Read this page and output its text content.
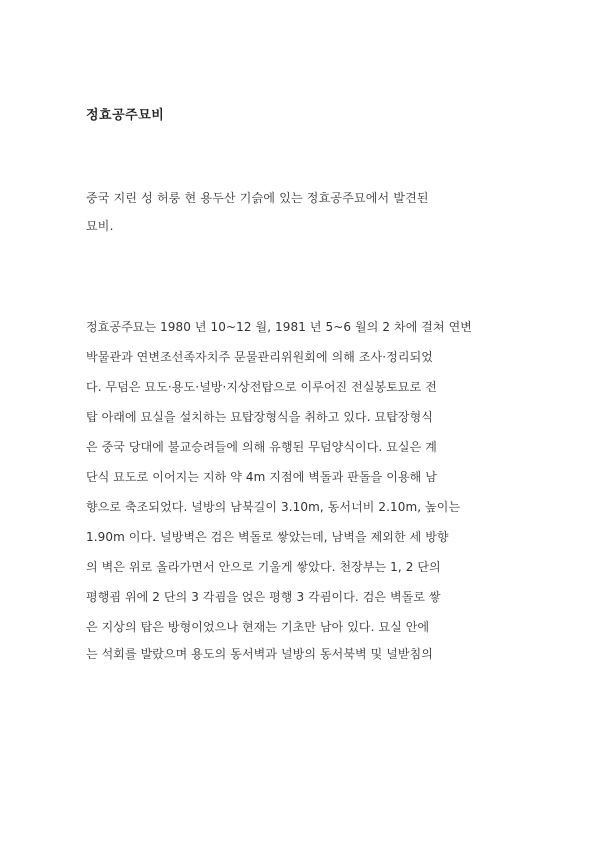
정효공주묘비
중국 지린 성 허룽 현 용두산 기슭에 있는 정효공주묘에서 발견된
묘비.
정효공주묘는 1980 년 10~12 월, 1981 년 5~6 월의 2 차에 걸쳐 연변
박물관과 연변조선족자치주 문물관리위원회에 의해 조사·정리되었
다. 무덤은 묘도·용도·널방·지상전탑으로 이루어진 전실봉토묘로 전
탑 아래에 묘실을 설치하는 묘탑장형식을 취하고 있다. 묘탑장형식
은 중국 당대에 불교승려들에 의해 유행된 무덤양식이다. 묘실은 계
단식 묘도로 이어지는 지하 약 4m 지점에 벽돌과 판돌을 이용해 남
향으로 축조되었다. 널방의 남북길이 3.10m, 동서너비 2.10m, 높이는
1.90m 이다. 널방벽은 검은 벽돌로 쌓았는데, 남벽을 제외한 세 방향
의 벽은 위로 올라가면서 안으로 기울게 쌓았다. 천장부는 1, 2 단의
평행굄 위에 2 단의 3 각굄을 얹은 평행 3 각굄이다. 검은 벽돌로 쌓
은 지상의 탑은 방형이었으나 현재는 기초만 남아 있다. 묘실 안에
는 석회를 발랐으며 용도의 동서벽과 널방의 동서북벽 및 널받침의
